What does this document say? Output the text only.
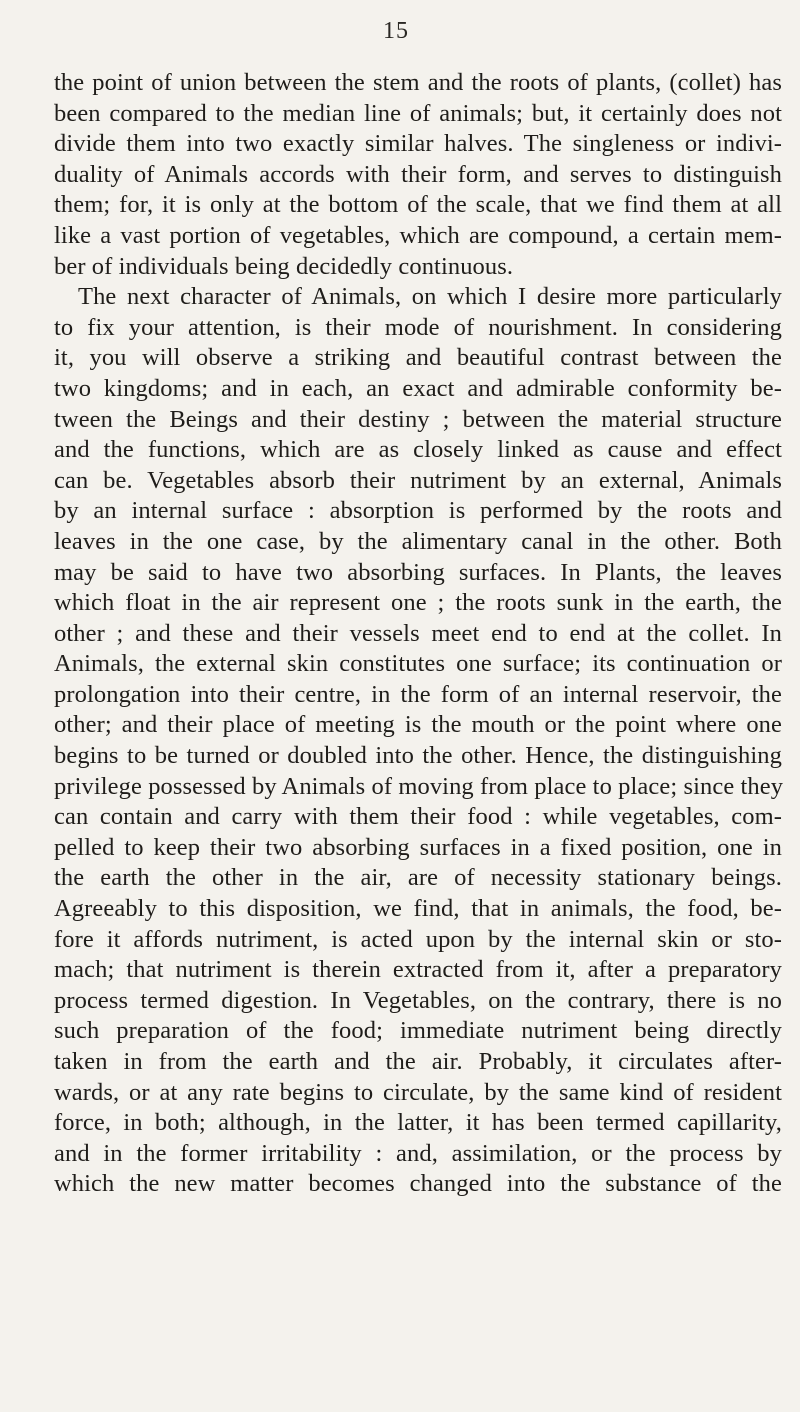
15
the point of union between the stem and the roots of plants, (collet) has
been compared to the median line of animals; but, it certainly does not
divide them into two exactly similar halves. The singleness or indivi-
duality of Animals accords with their form, and serves to distinguish
them; for, it is only at the bottom of the scale, that we find them at all
like a vast portion of vegetables, which are compound, a certain mem-
ber of individuals being decidedly continuous.
The next character of Animals, on which I desire more particularly
to fix your attention, is their mode of nourishment. In considering
it, you will observe a striking and beautiful contrast between the
two kingdoms; and in each, an exact and admirable conformity be-
tween the Beings and their destiny ; between the material structure
and the functions, which are as closely linked as cause and effect
can be. Vegetables absorb their nutriment by an external, Animals
by an internal surface : absorption is performed by the roots and
leaves in the one case, by the alimentary canal in the other. Both
may be said to have two absorbing surfaces. In Plants, the leaves
which float in the air represent one ; the roots sunk in the earth, the
other ; and these and their vessels meet end to end at the collet. In
Animals, the external skin constitutes one surface; its continuation or
prolongation into their centre, in the form of an internal reservoir, the
other; and their place of meeting is the mouth or the point where one
begins to be turned or doubled into the other. Hence, the distinguishing
privilege possessed by Animals of moving from place to place; since they
can contain and carry with them their food : while vegetables, com-
pelled to keep their two absorbing surfaces in a fixed position, one in
the earth the other in the air, are of necessity stationary beings.
Agreeably to this disposition, we find, that in animals, the food, be-
fore it affords nutriment, is acted upon by the internal skin or sto-
mach; that nutriment is therein extracted from it, after a preparatory
process termed digestion. In Vegetables, on the contrary, there is no
such preparation of the food; immediate nutriment being directly
taken in from the earth and the air. Probably, it circulates after-
wards, or at any rate begins to circulate, by the same kind of resident
force, in both; although, in the latter, it has been termed capillarity,
and in the former irritability : and, assimilation, or the process by
which the new matter becomes changed into the substance of the
